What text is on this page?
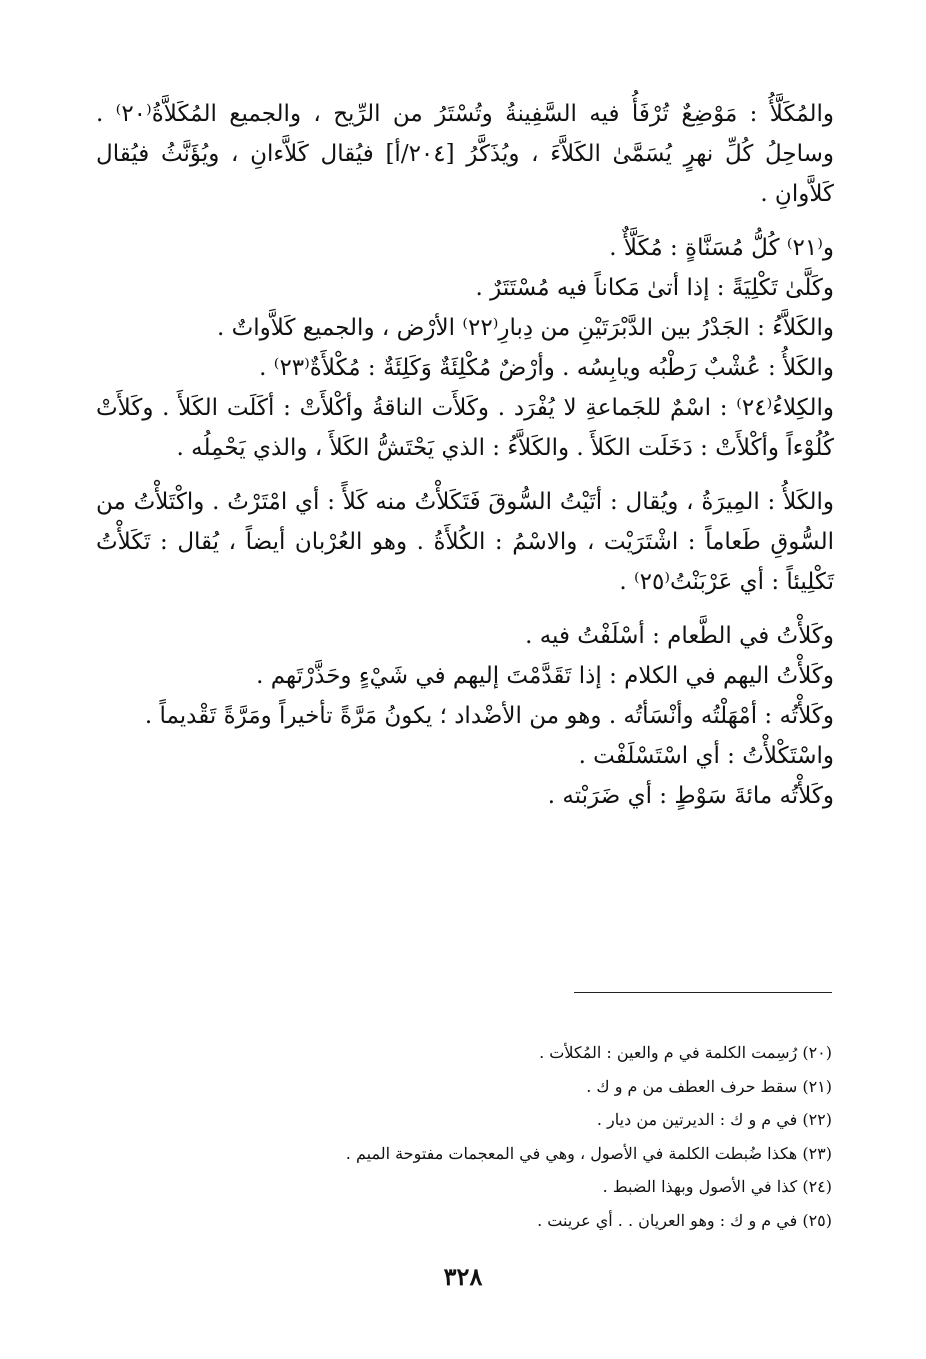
والمُكَلَّأُ : مَوْضِعٌ تُرْفَأُ فيه السَّفِينةُ وتُسْتَرُ من الرِّيح ، والجميع المُكَلاَّةُ⁽٢٠⁾ . وساحِلُ كُلِّ نهرٍ يُسَمَّىٰ الكَلاَّءَ ، ويُذَكَّرُ [٢٠٤/أ] فيُقال كَلاَّءانِ ، ويُؤَنَّثُ فيُقال كَلاَّوانِ .

و⁽٢١⁾ كُلُّ مُسَنَّاةٍ : مُكَلَّأٌ .

وكَلَّىٰ تَكْلِيَةً : إذا أتىٰ مَكاناً فيه مُسْتَتَرٌ .

والكَلاَّءُ : الجَدْرُ بين الدَّبْرَتَيْنِ من دِبارِ⁽٢٢⁾ الأرْض ، والجميع كَلاَّواتٌ .

والكَلأُ : عُشْبٌ رَطْبُه ويابِسُه . وأرْضٌ مُكْلِئَةٌ وَكَلِئَةٌ : مُكْلأَةٌ⁽٢٣⁾ .

والكِلاءُ⁽٢٤⁾ : اسْمٌ للجَماعةِ لا يُفْرَد . وكَلأَت الناقةُ وأكْلأَتْ : أكَلَت الكَلأَ . وكَلأَتْ كُلُوْءاً وأكْلأَتْ : دَخَلَت الكَلأَ . والكَلاَّءُ : الذي يَحْتَشُّ الكَلأَ ، والذي يَحْمِلُه .

والكَلأُ : المِيرَةُ ، ويُقال : أتَيْتُ السُّوقَ فَتَكَلأْتُ منه كَلأً : أي امْتَرْتُ . واكْتَلأْتُ من السُّوقِ طَعاماً : اشْتَرَيْت ، والاسْمُ : الكُلأَةُ . وهو العُرْبان أيضاً ، يُقال : تَكَلأْتُ تَكْلِيئاً : أي عَرْبَنْتُ⁽٢٥⁾ .

وكَلأْتُ في الطَّعام : أسْلَفْتُ فيه .

وكَلأْتُ اليهم في الكلام : إذا تَقَدَّمْتَ إليهم في شَيْءٍ وحَذَّرْتَهم .

وكَلأْتُه : أمْهَلْتُه وأنْسَأتُه . وهو من الأضْداد ؛ يكونُ مَرَّةً تأخيراً ومَرَّةً تَقْديماً .

واسْتَكْلأْتُ : أي اسْتَسْلَفْت .

وكَلأْتُه مائةَ سَوْطٍ : أي ضَرَبْته .

(٢٠) رُسِمت الكلمة في م والعين : المُكلأت .

(٢١) سقط حرف العطف من م و ك .

(٢٢) في م و ك : الديرتين من ديار .

(٢٣) هكذا ضُبطت الكلمة في الأصول ، وهي في المعجمات مفتوحة الميم .

(٢٤) كذا في الأصول وبهذا الضبط .

(٢٥) في م و ك : وهو العريان . . أي عرينت .

٣٢٨
